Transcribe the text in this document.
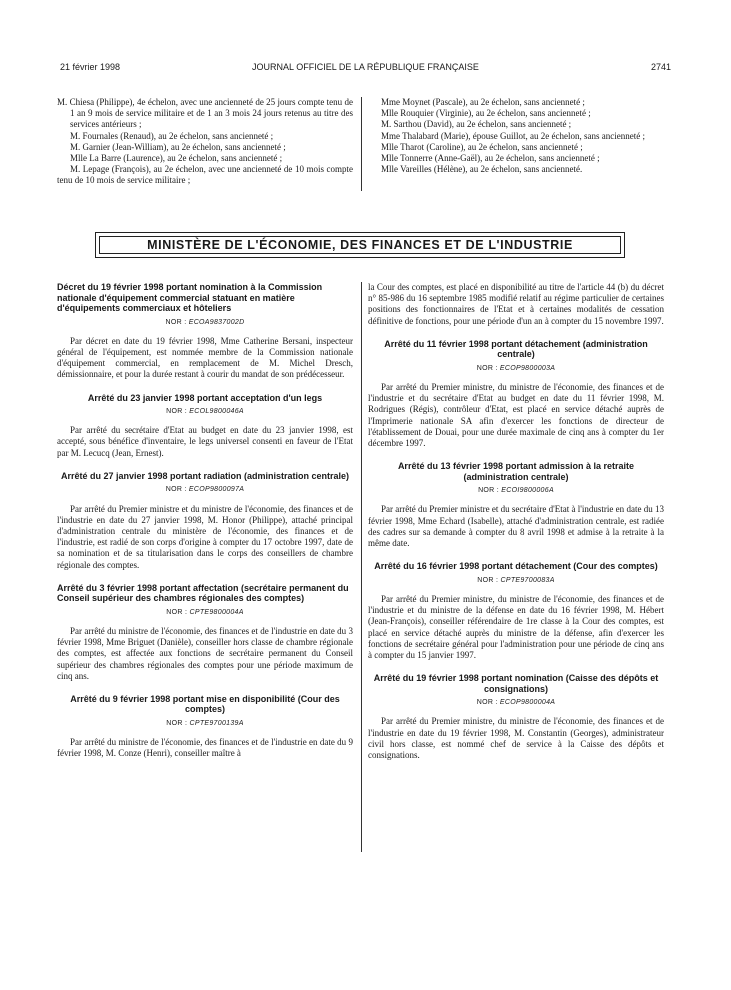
21 février 1998	JOURNAL OFFICIEL DE LA RÉPUBLIQUE FRANÇAISE	2741

M. Chiesa (Philippe), 4e échelon, avec une ancienneté de 25 jours compte tenu de 1 an 9 mois de service militaire et de 1 an 3 mois 24 jours retenus au titre des services antérieurs ;

M. Fournales (Renaud), au 2e échelon, sans ancienneté ;

M. Garnier (Jean-William), au 2e échelon, sans ancienneté ;

Mlle La Barre (Laurence), au 2e échelon, sans ancienneté ;

M. Lepage (François), au 2e échelon, avec une ancienneté de 10 mois compte tenu de 10 mois de service militaire ;

Mme Moynet (Pascale), au 2e échelon, sans ancienneté ;

Mlle Rouquier (Virginie), au 2e échelon, sans ancienneté ;

M. Sarthou (David), au 2e échelon, sans ancienneté ;

Mme Thalabard (Marie), épouse Guillot, au 2e échelon, sans ancienneté ;

Mlle Tharot (Caroline), au 2e échelon, sans ancienneté ;

Mlle Tonnerre (Anne-Gaël), au 2e échelon, sans ancienneté ;

Mlle Vareilles (Hélène), au 2e échelon, sans ancienneté.

MINISTÈRE DE L'ÉCONOMIE, DES FINANCES ET DE L'INDUSTRIE
Décret du 19 février 1998 portant nomination à la Commission nationale d'équipement commercial statuant en matière d'équipements commerciaux et hôteliers
NOR : ECOA9837002D

Par décret en date du 19 février 1998, Mme Catherine Bersani, inspecteur général de l'équipement, est nommée membre de la Commission nationale d'équipement commercial, en remplacement de M. Michel Dresch, démissionnaire, et pour la durée restant à courir du mandat de son prédécesseur.

Arrêté du 23 janvier 1998 portant acceptation d'un legs
NOR : ECOL9800046A

Par arrêté du secrétaire d'Etat au budget en date du 23 janvier 1998, est accepté, sous bénéfice d'inventaire, le legs universel consenti en faveur de l'Etat par M. Lecucq (Jean, Ernest).

Arrêté du 27 janvier 1998 portant radiation (administration centrale)
NOR : ECOP9800097A

Par arrêté du Premier ministre et du ministre de l'économie, des finances et de l'industrie en date du 27 janvier 1998, M. Honor (Philippe), attaché principal d'administration centrale du ministère de l'économie, des finances et de l'industrie, est radié de son corps d'origine à compter du 17 octobre 1997, date de sa nomination et de sa titularisation dans le corps des conseillers de chambre régionale des comptes.

Arrêté du 3 février 1998 portant affectation (secrétaire permanent du Conseil supérieur des chambres régionales des comptes)
NOR : CPTE9800004A

Par arrêté du ministre de l'économie, des finances et de l'industrie en date du 3 février 1998, Mme Briguet (Danièle), conseiller hors classe de chambre régionale des comptes, est affectée aux fonctions de secrétaire permanent du Conseil supérieur des chambres régionales des comptes pour une période maximum de cinq ans.

Arrêté du 9 février 1998 portant mise en disponibilité (Cour des comptes)
NOR : CPTE9700139A

Par arrêté du ministre de l'économie, des finances et de l'industrie en date du 9 février 1998, M. Conze (Henri), conseiller maître à

la Cour des comptes, est placé en disponibilité au titre de l'article 44 (b) du décret n° 85-986 du 16 septembre 1985 modifié relatif au régime particulier de certaines positions des fonctionnaires de l'Etat et à certaines modalités de cessation définitive de fonctions, pour une période d'un an à compter du 15 novembre 1997.

Arrêté du 11 février 1998 portant détachement (administration centrale)
NOR : ECOP9800003A

Par arrêté du Premier ministre, du ministre de l'économie, des finances et de l'industrie et du secrétaire d'Etat au budget en date du 11 février 1998, M. Rodrigues (Régis), contrôleur d'Etat, est placé en service détaché auprès de l'Imprimerie nationale SA afin d'exercer les fonctions de directeur de l'établissement de Douai, pour une durée maximale de cinq ans à compter du 1er décembre 1997.

Arrêté du 13 février 1998 portant admission à la retraite (administration centrale)
NOR : ECOI9800006A

Par arrêté du Premier ministre et du secrétaire d'Etat à l'industrie en date du 13 février 1998, Mme Echard (Isabelle), attaché d'administration centrale, est radiée des cadres sur sa demande à compter du 8 avril 1998 et admise à la retraite à la même date.

Arrêté du 16 février 1998 portant détachement (Cour des comptes)
NOR : CPTE9700083A

Par arrêté du Premier ministre, du ministre de l'économie, des finances et de l'industrie et du ministre de la défense en date du 16 février 1998, M. Hébert (Jean-François), conseiller référendaire de 1re classe à la Cour des comptes, est placé en service détaché auprès du ministre de la défense, afin d'exercer les fonctions de secrétaire général pour l'administration pour une période de cinq ans à compter du 15 janvier 1997.

Arrêté du 19 février 1998 portant nomination (Caisse des dépôts et consignations)
NOR : ECOP9800004A

Par arrêté du Premier ministre, du ministre de l'économie, des finances et de l'industrie en date du 19 février 1998, M. Constantin (Georges), administrateur civil hors classe, est nommé chef de service à la Caisse des dépôts et consignations.
